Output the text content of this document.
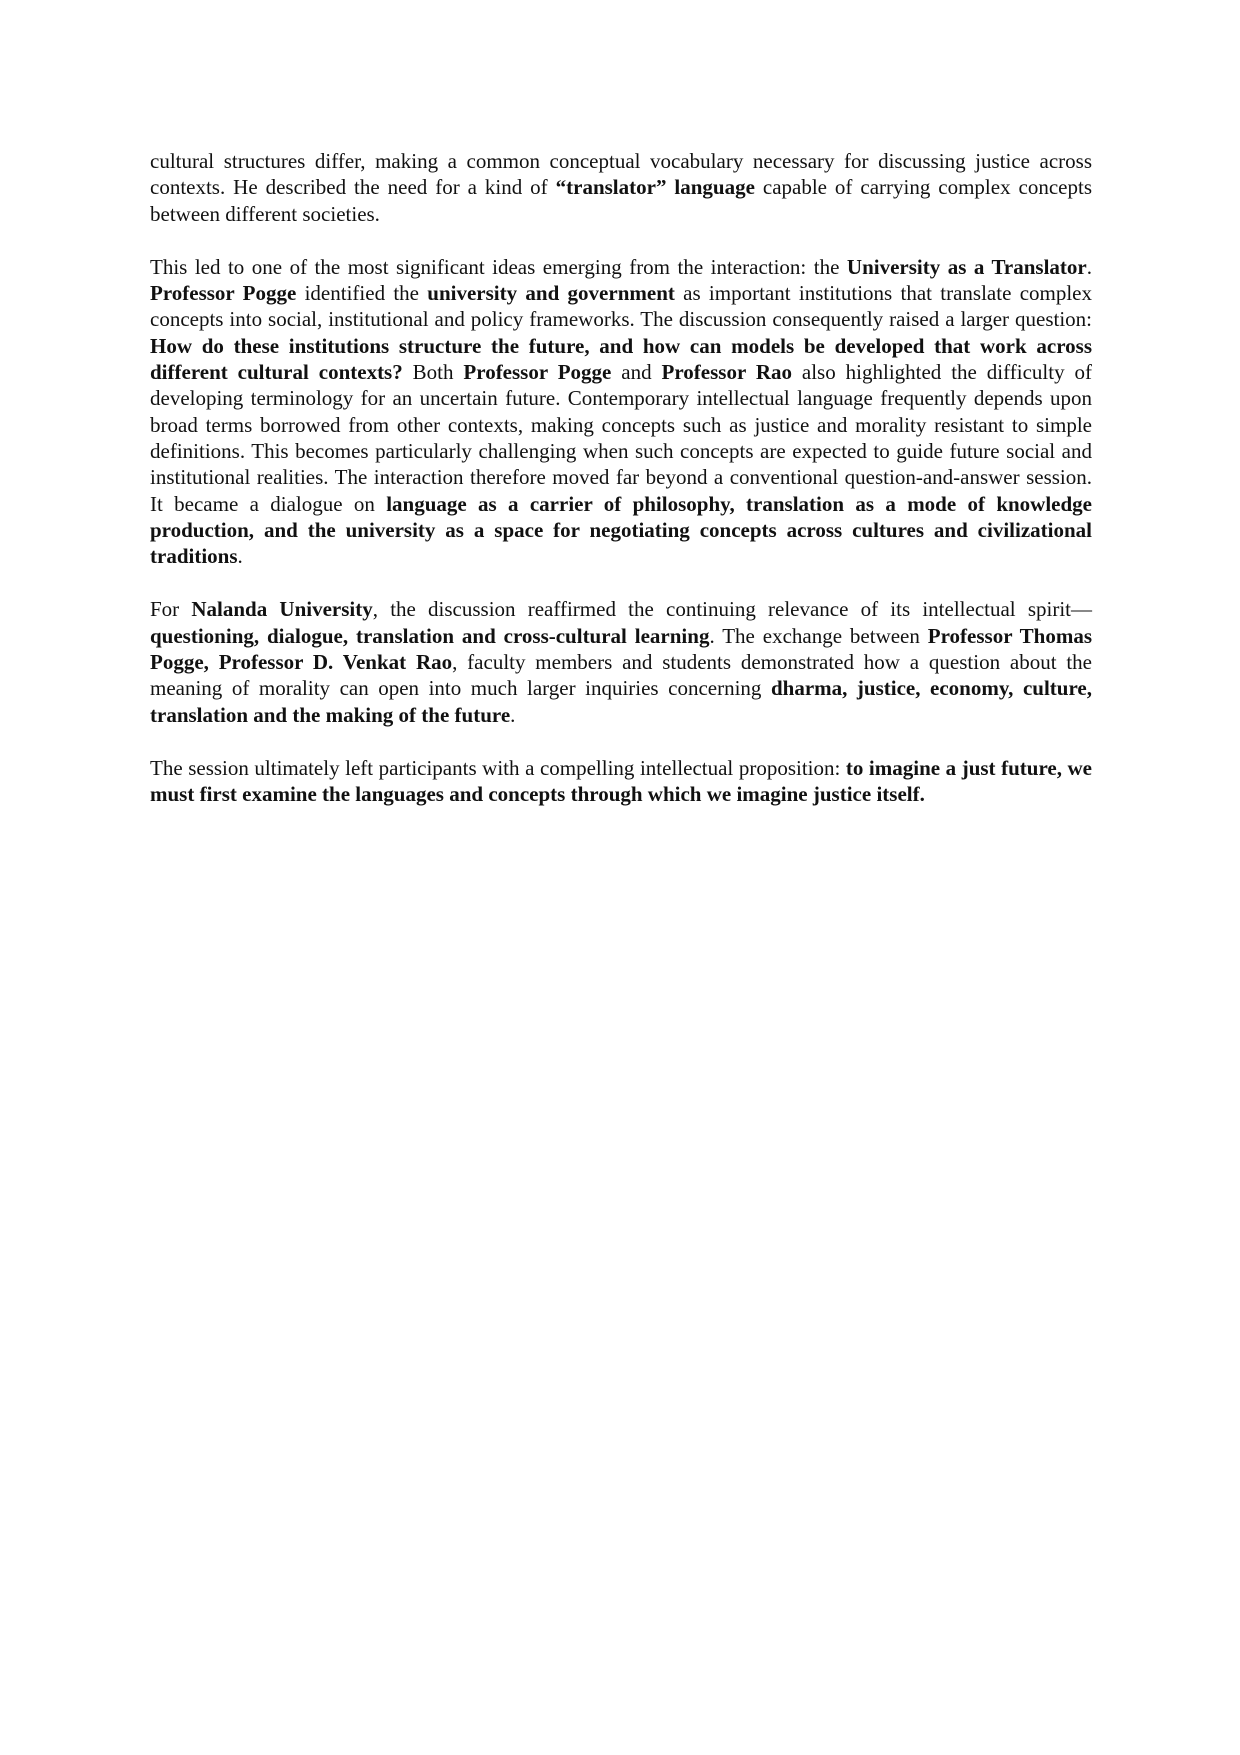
cultural structures differ, making a common conceptual vocabulary necessary for discussing justice across contexts. He described the need for a kind of “translator” language capable of carrying complex concepts between different societies.

This led to one of the most significant ideas emerging from the interaction: the University as a Translator. Professor Pogge identified the university and government as important institutions that translate complex concepts into social, institutional and policy frameworks. The discussion consequently raised a larger question: How do these institutions structure the future, and how can models be developed that work across different cultural contexts? Both Professor Pogge and Professor Rao also highlighted the difficulty of developing terminology for an uncertain future. Contemporary intellectual language frequently depends upon broad terms borrowed from other contexts, making concepts such as justice and morality resistant to simple definitions. This becomes particularly challenging when such concepts are expected to guide future social and institutional realities. The interaction therefore moved far beyond a conventional question-and-answer session. It became a dialogue on language as a carrier of philosophy, translation as a mode of knowledge production, and the university as a space for negotiating concepts across cultures and civilizational traditions.

For Nalanda University, the discussion reaffirmed the continuing relevance of its intellectual spirit—questioning, dialogue, translation and cross-cultural learning. The exchange between Professor Thomas Pogge, Professor D. Venkat Rao, faculty members and students demonstrated how a question about the meaning of morality can open into much larger inquiries concerning dharma, justice, economy, culture, translation and the making of the future.

The session ultimately left participants with a compelling intellectual proposition: to imagine a just future, we must first examine the languages and concepts through which we imagine justice itself.
